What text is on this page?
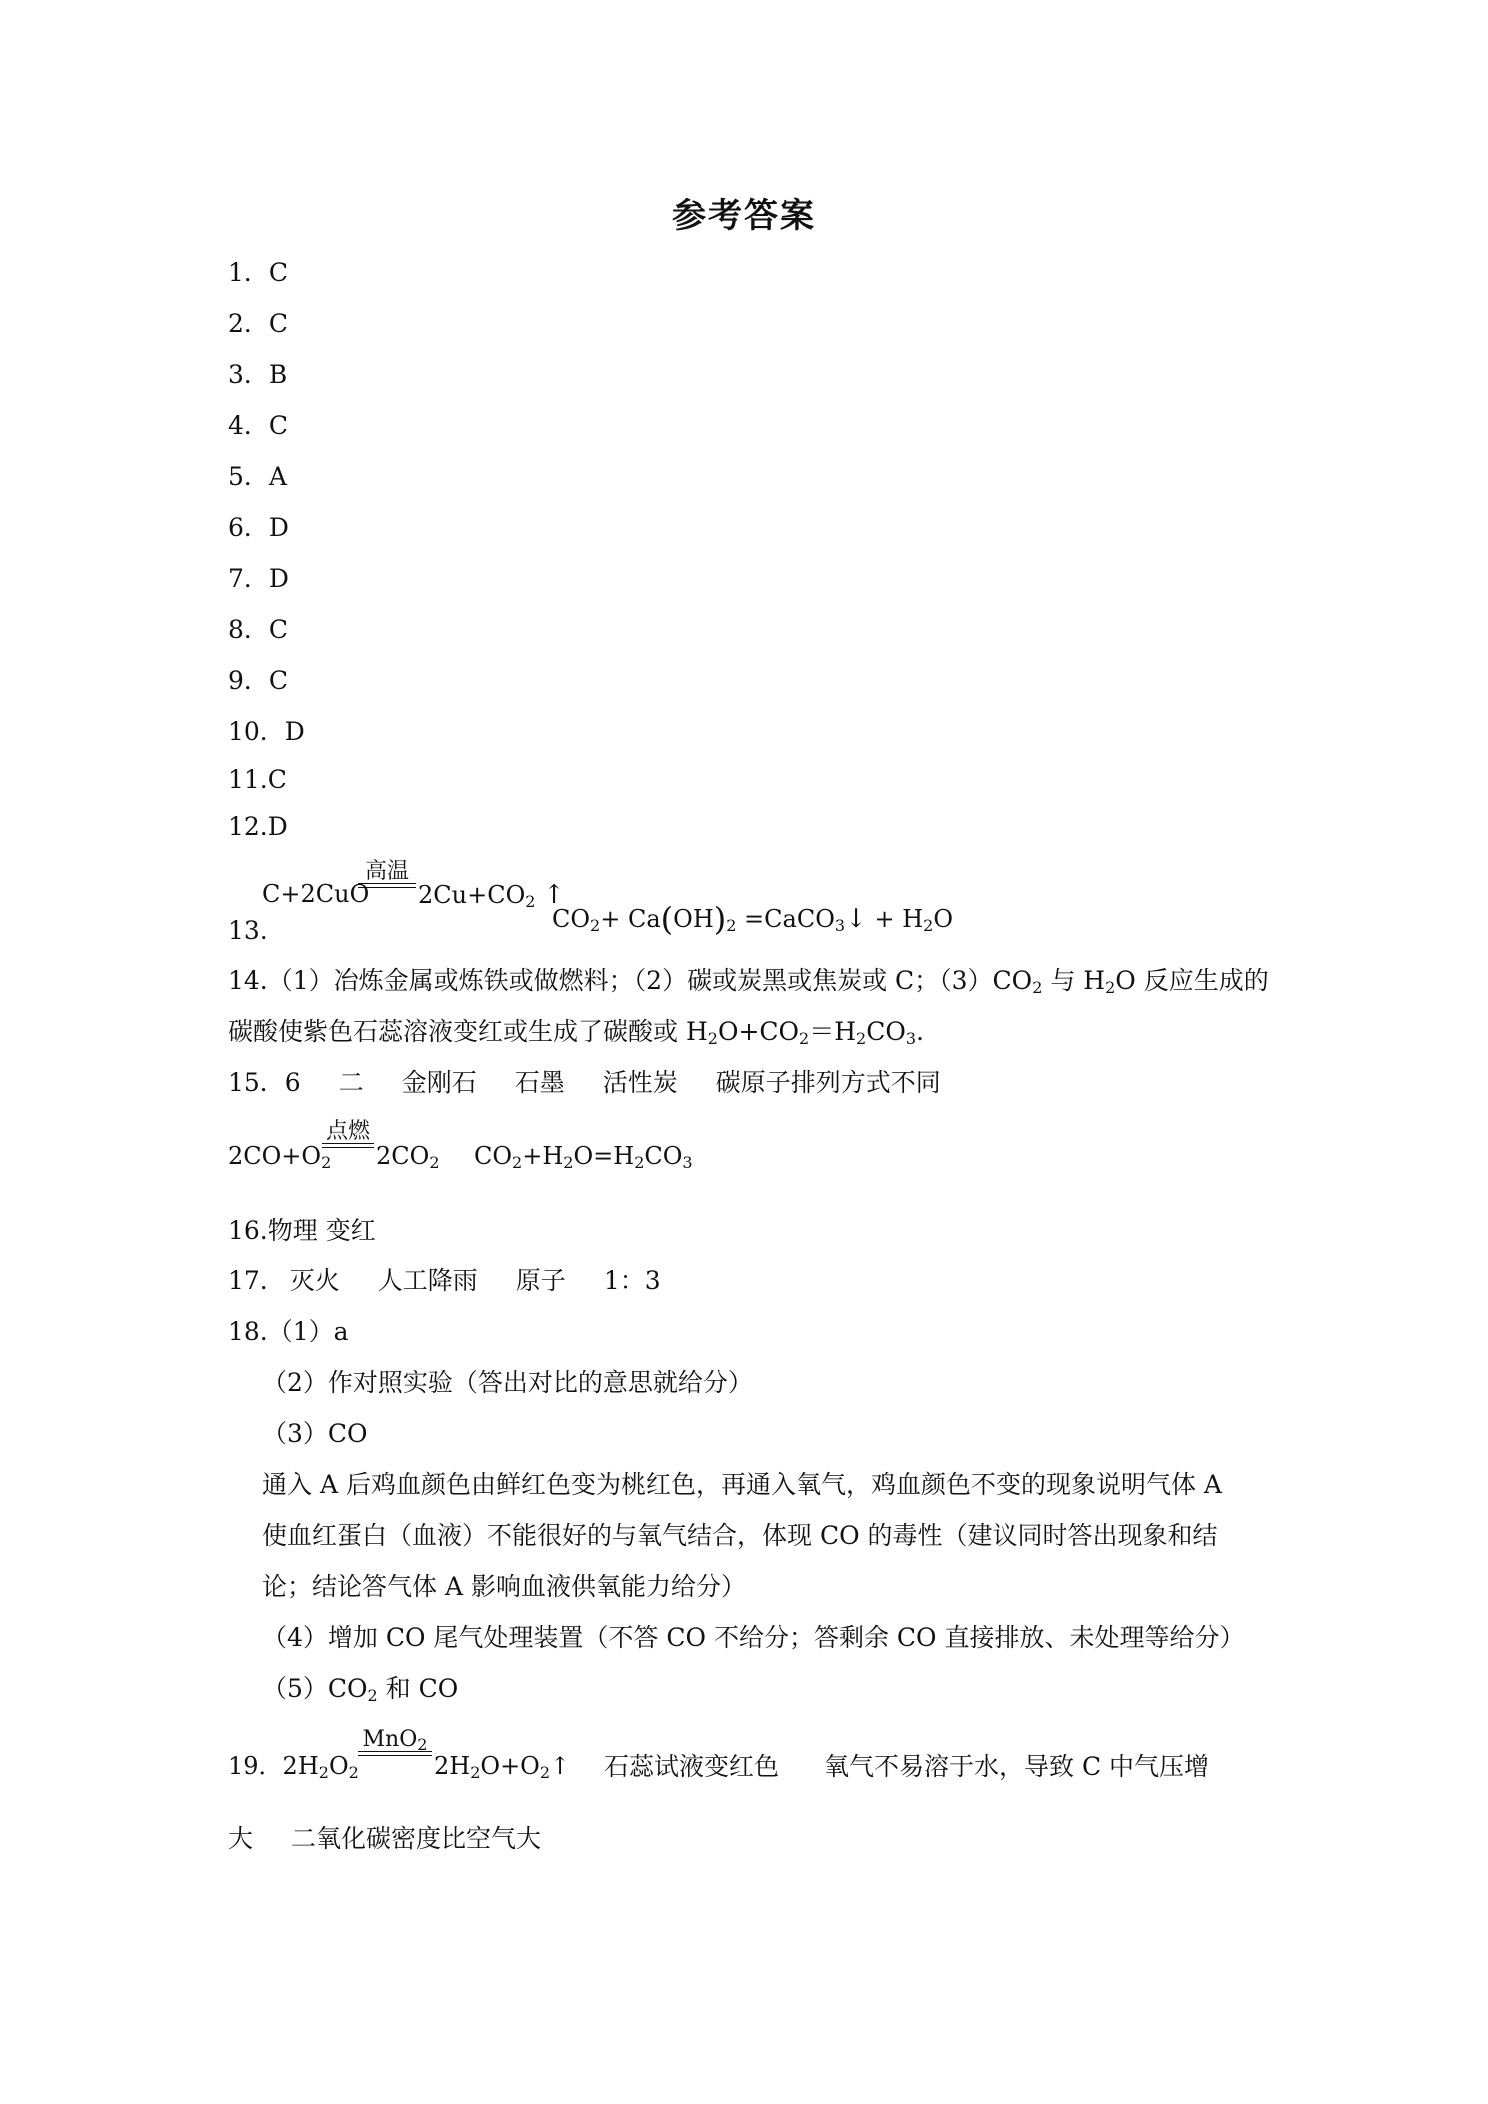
参考答案
1．C
2．C
3．B
4．C
5．A
6．D
7．D
8．C
9．C
10．D
11.C
12.D
C+2CuO
高温
$2Cu+CO_2$ ↑
13.	$CO_2+ Ca(OH)_2$ =CaCO$_3$↓ + $H_2O$
14.（1）冶炼金属或炼铁或做燃料；（2）碳或炭黑或焦炭或 C；$(3)CO_2$ 与 $H_2O$ 反应生成的
碳酸使紫色石蕊溶液变红或生成了碳酸或 $H_2O+CO_2=H_2CO_3$.
15．6 二 金刚石 石墨 活性炭 碳原子排列方式不同
$2CO+O_2$
点燃
$2CO_2$ $CO_2+H_2O=H_2CO_3$
16.物理 变红
17. 灭火 人工降雨 原子 1：3
18.（1）a
（2）作对照实验（答出对比的意思就给分）
（3）CO
通入 A 后鸡血颜色由鲜红色变为桃红色，再通入氧气，鸡血颜色不变的现象说明气体 A
使血红蛋白（血液）不能很好的与氧气结合，体现 CO 的毒性（建议同时答出现象和结
论；结论答气体 A 影响血液供氧能力给分）
（4）增加 CO 尾气处理装置（不答 CO 不给分；答剩余 CO 直接排放、未处理等给分）
$(5)CO_2$ 和 CO
19．$2H_2O_2$
MnO$_2$
$2H_2O+O_2↑$ 石蕊试液变红色 氧气不易溶于水，导致 C 中气压增
大 二氧化碳密度比空气大
